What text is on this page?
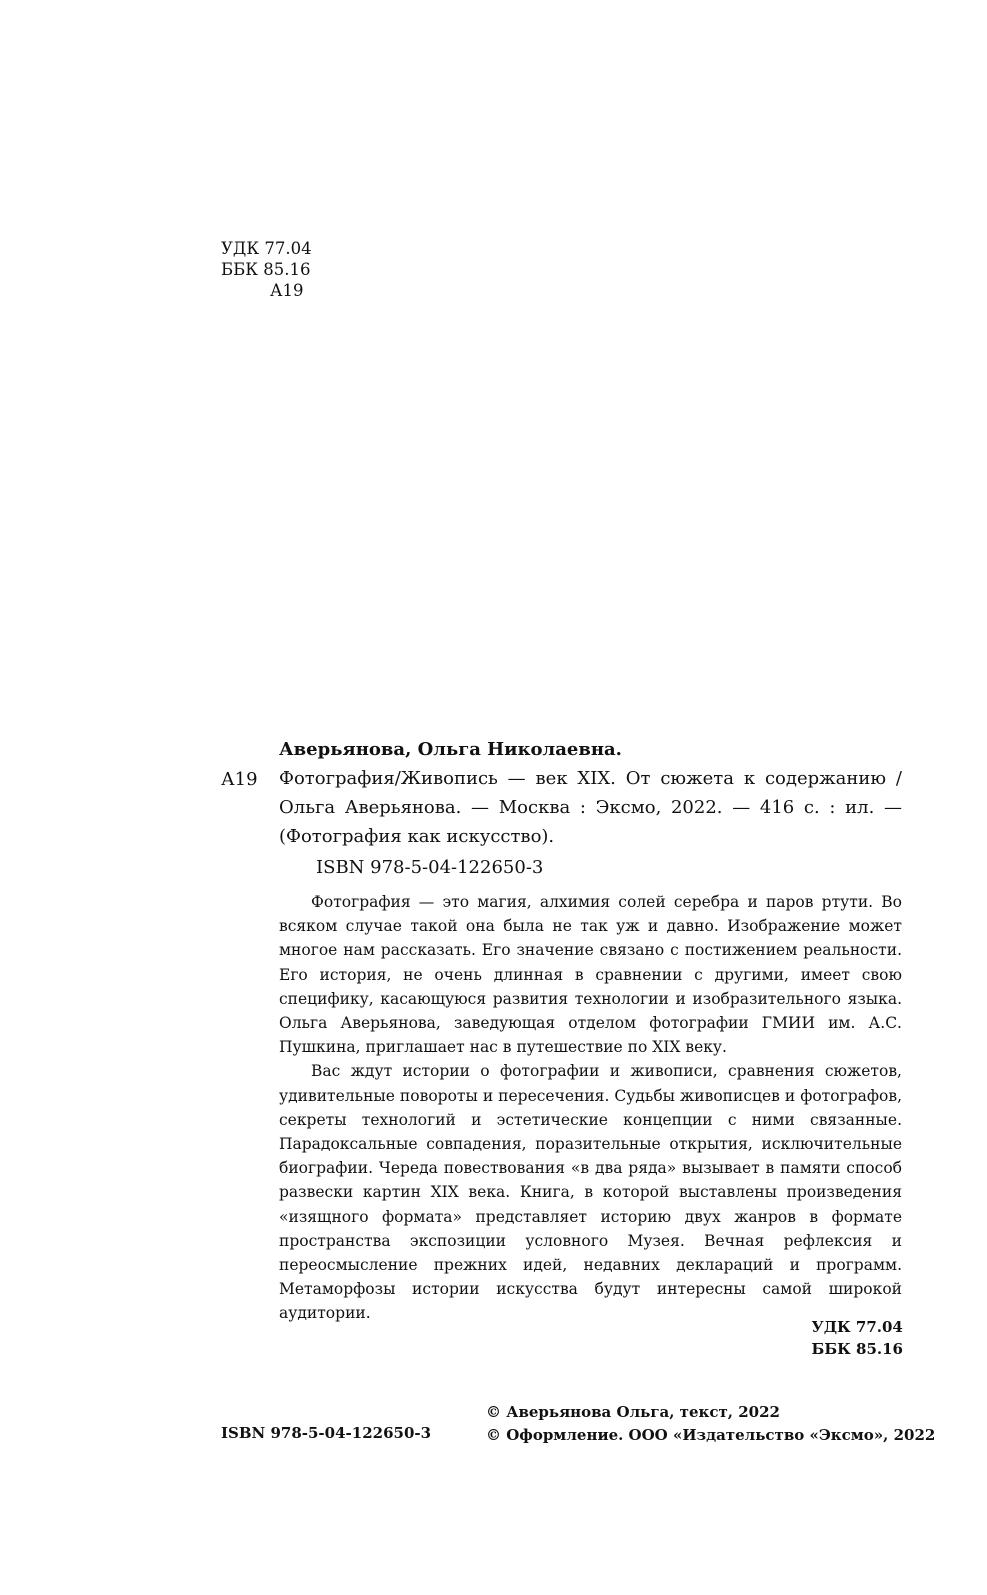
УДК 77.04
ББК 85.16
А19
Аверьянова, Ольга Николаевна.
А19 Фотография/Живопись — век XIX. От сюжета к содержанию / Ольга Аверьянова. — Москва : Эксмо, 2022. — 416 с. : ил. — (Фотография как искусство).
ISBN 978-5-04-122650-3

Фотография — это магия, алхимия солей серебра и паров ртути. Во всяком случае такой она была не так уж и давно. Изображение может многое нам рассказать. Его значение связано с постижением реальности. Его история, не очень длинная в сравнении с другими, имеет свою специфику, касающуюся развития технологии и изобразительного языка. Ольга Аверьянова, заведующая отделом фотографии ГМИИ им. А.С. Пушкина, приглашает нас в путешествие по XIX веку.

Вас ждут истории о фотографии и живописи, сравнения сюжетов, удивительные повороты и пересечения. Судьбы живописцев и фотографов, секреты технологий и эстетические концепции с ними связанные. Парадоксальные совпадения, поразительные открытия, исключительные биографии. Череда повествования «в два ряда» вызывает в памяти способ развески картин XIX века. Книга, в которой выставлены произведения «изящного формата» представляет историю двух жанров в формате пространства экспозиции условного Музея. Вечная рефлексия и переосмысление прежних идей, недавних деклараций и программ. Метаморфозы истории искусства будут интересны самой широкой аудитории.

УДК 77.04
ББК 85.16
ISBN 978-5-04-122650-3
© Аверьянова Ольга, текст, 2022
© Оформление. ООО «Издательство «Эксмо», 2022
